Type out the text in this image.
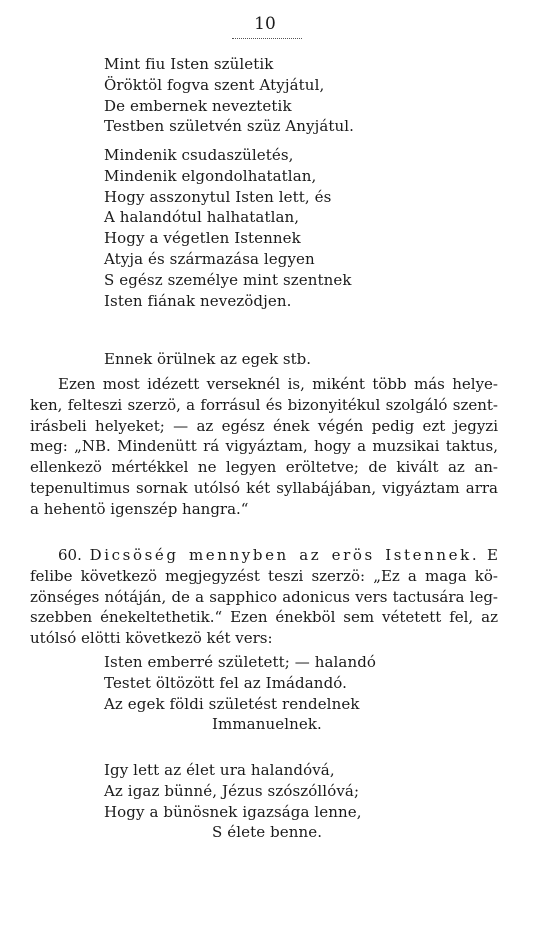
10
Mint fiu Isten születik
Öröktöl fogva szent Atyjátul,
De embernek neveztetik
Testben születvén szüz Anyjátul.
Mindenik csudaszületés,
Mindenik elgondolhatatlan,
Hogy asszonytul Isten lett, és
A halandótul halhatatlan,
Hogy a végetlen Istennek
Atyja és származása legyen
S egész személye mint szentnek
Isten fiának nevezödjen.
Ennek örülnek az egek stb.
Ezen most idézett verseknél is, miként több más helye-
ken, felteszi szerzö, a forrásul és bizonyitékul szolgáló szent-
irásbeli helyeket; — az egész ének végén pedig ezt jegyzi
meg: „NB. Mindenütt rá vigyáztam, hogy a muzsikai taktus,
ellenkezö mértékkel ne legyen eröltetve; de kivált az an-
tepenultimus sornak utólsó két syllabájában, vigyáztam arra
a hehentö igenszép hangra.“
60. Dicsöség mennyben az erös Istennek. E
felibe következö megjegyzést teszi szerzö: „Ez a maga kö-
zönséges nótáján, de a sapphico adonicus vers tactusára leg-
szebben énekeltethetik.“ Ezen énekböl sem vétetett fel, az
utólsó elötti következö két vers:
Isten emberré született; — halandó
Testet öltözött fel az Imádandó.
Az egek földi születést rendelnek
Immanuelnek.
Igy lett az élet ura halandóvá,
Az igaz bünné, Jézus szószóllóvá;
Hogy a bünösnek igazsága lenne,
S élete benne.
